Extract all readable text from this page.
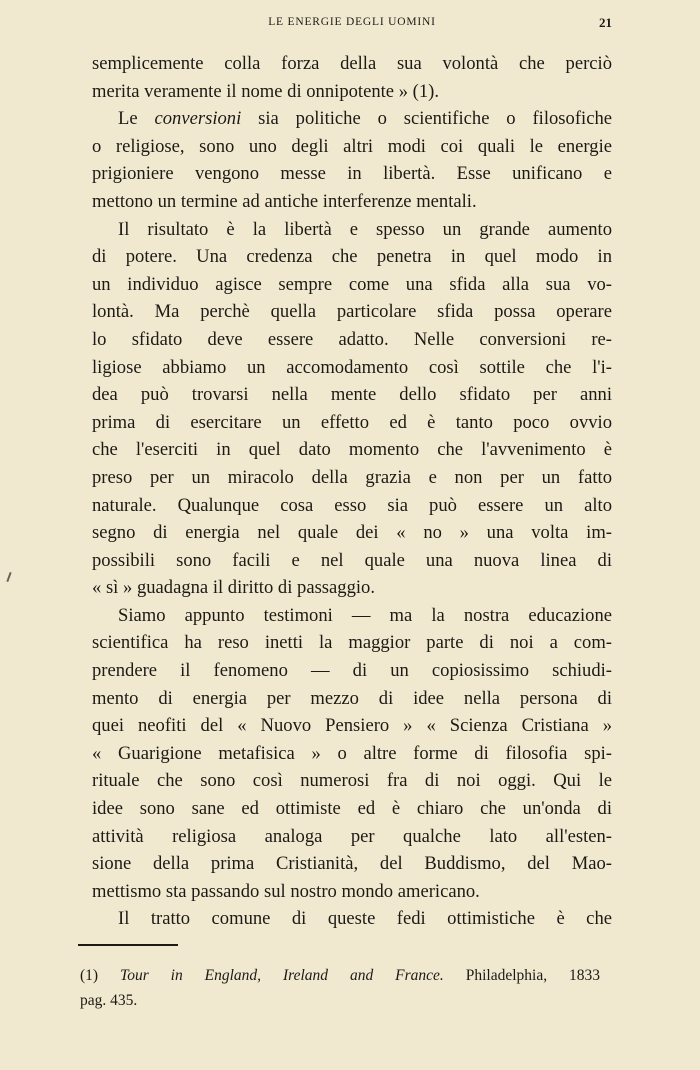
LE ENERGIE DEGLI UOMINI	21
semplicemente colla forza della sua volontà che perciò
merita veramente il nome di onnipotente » (1).
Le conversioni sia politiche o scientifiche o filosofiche
o religiose, sono uno degli altri modi coi quali le energie
prigioniere vengono messe in libertà. Esse unificano e
mettono un termine ad antiche interferenze mentali.
Il risultato è la libertà e spesso un grande aumento
di potere. Una credenza che penetra in quel modo in
un individuo agisce sempre come una sfida alla sua vo-
lontà. Ma perchè quella particolare sfida possa operare
lo sfidato deve essere adatto. Nelle conversioni re-
ligiose abbiamo un accomodamento così sottile che l'i-
dea può trovarsi nella mente dello sfidato per anni
prima di esercitare un effetto ed è tanto poco ovvio
che l'eserciti in quel dato momento che l'avvenimento è
preso per un miracolo della grazia e non per un fatto
naturale. Qualunque cosa esso sia può essere un alto
segno di energia nel quale dei « no » una volta im-
possibili sono facili e nel quale una nuova linea di
« sì » guadagna il diritto di passaggio.
Siamo appunto testimoni — ma la nostra educazione
scientifica ha reso inetti la maggior parte di noi a com-
prendere il fenomeno — di un copiosissimo schiudi-
mento di energia per mezzo di idee nella persona di
quei neofiti del « Nuovo Pensiero » « Scienza Cristiana »
« Guarigione metafisica » o altre forme di filosofia spi-
rituale che sono così numerosi fra di noi oggi. Qui le
idee sono sane ed ottimiste ed è chiaro che un'onda di
attività religiosa analoga per qualche lato all'esten-
sione della prima Cristianità, del Buddismo, del Mao-
mettismo sta passando sul nostro mondo americano.
Il tratto comune di queste fedi ottimistiche è che
(1) Tour in England, Ireland and France. Philadelphia, 1833
pag. 435.
